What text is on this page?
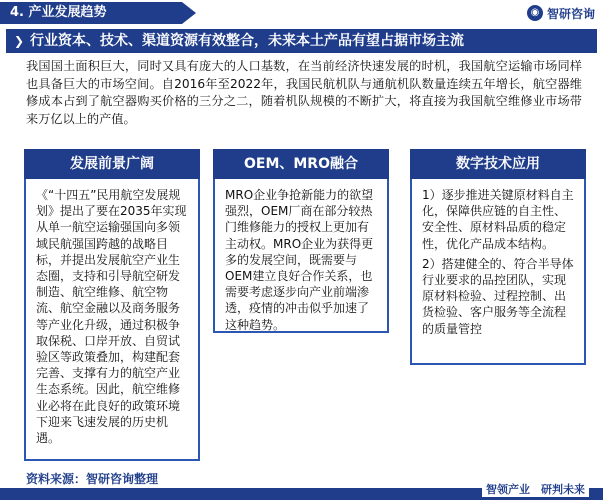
4. 产业发展趋势	◉ 智研咨询
❯ 行业资本、技术、渠道资源有效整合，未来本土产品有望占据市场主流
我国国土面积巨大，同时又具有庞大的人口基数，在当前经济快速发展的时机，我国航空运输市场同样也具备巨大的市场空间。自2016年至2022年，我国民航机队与通航机队数量连续五年增长，航空器维修成本占到了航空器购买价格的三分之二，随着机队规模的不断扩大，将直接为我国航空维修业市场带来万亿以上的产值。
发展前景广阔

《“十四五”民用航空发展规划》提出了要在2035年实现从单一航空运输强国向多领域民航强国跨越的战略目标，并提出发展航空产业生态圈，支持和引导航空研发制造、航空维修、航空物流、航空金融以及商务服务等产业化升级，通过积极争取保税、口岸开放、自贸试验区等政策叠加，构建配套完善、支撑有力的航空产业生态系统。因此，航空维修业必将在此良好的政策环境下迎来飞速发展的历史机遇。

OEM、MRO融合

MRO企业争抢新能力的欲望强烈，OEM厂商在部分较热门维修能力的授权上更加有主动权。MRO企业为获得更多的发展空间，既需要与OEM建立良好合作关系，也需要考虑逐步向产业前端渗透，疫情的冲击似乎加速了这种趋势。

数字技术应用

1）逐步推进关键原材料自主化，保障供应链的自主性、安全性、原材料品质的稳定性，优化产品成本结构。

2）搭建健全的、符合半导体行业要求的品控团队，实现原材料检验、过程控制、出货检验、客户服务等全流程的质量管控

资料来源：智研咨询整理
智领产业　研判未来
